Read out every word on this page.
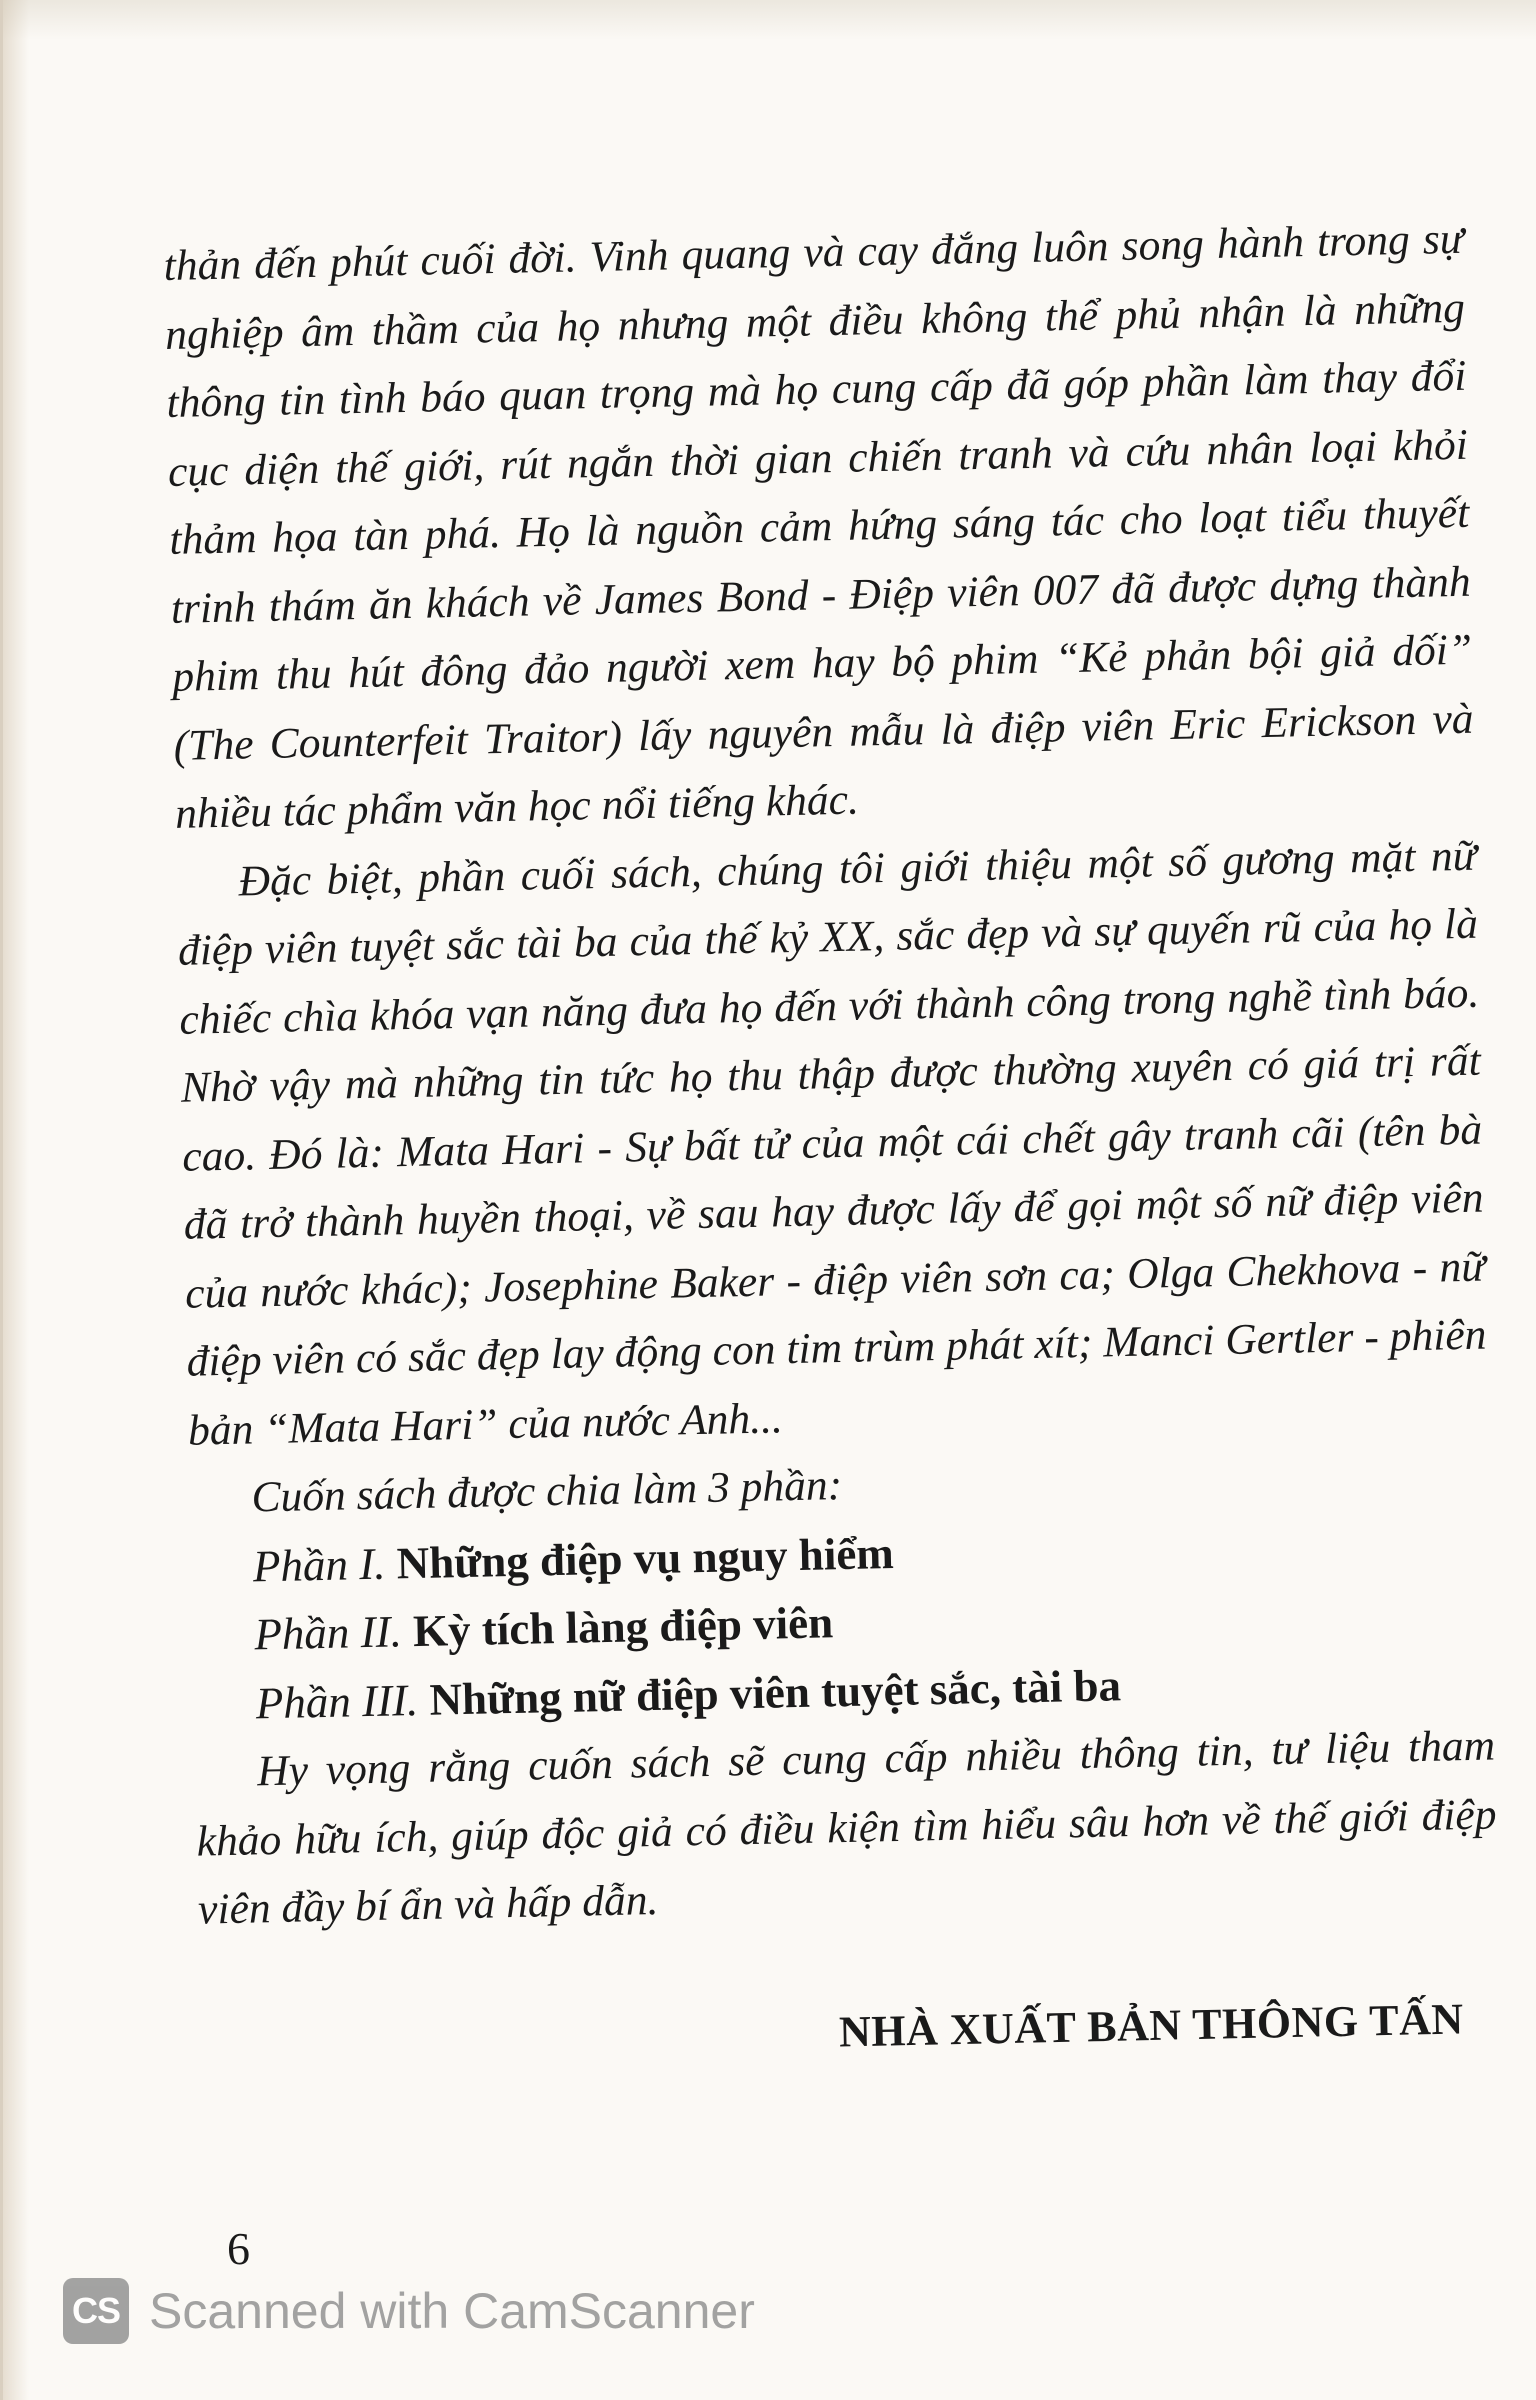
thản đến phút cuối đời. Vinh quang và cay đắng luôn song hành trong sự nghiệp âm thầm của họ nhưng một điều không thể phủ nhận là những thông tin tình báo quan trọng mà họ cung cấp đã góp phần làm thay đổi cục diện thế giới, rút ngắn thời gian chiến tranh và cứu nhân loại khỏi thảm họa tàn phá. Họ là nguồn cảm hứng sáng tác cho loạt tiểu thuyết trinh thám ăn khách về James Bond - Điệp viên 007 đã được dựng thành phim thu hút đông đảo người xem hay bộ phim “Kẻ phản bội giả dối” (The Counterfeit Traitor) lấy nguyên mẫu là điệp viên Eric Erickson và nhiều tác phẩm văn học nổi tiếng khác.

Đặc biệt, phần cuối sách, chúng tôi giới thiệu một số gương mặt nữ điệp viên tuyệt sắc tài ba của thế kỷ XX, sắc đẹp và sự quyến rũ của họ là chiếc chìa khóa vạn năng đưa họ đến với thành công trong nghề tình báo. Nhờ vậy mà những tin tức họ thu thập được thường xuyên có giá trị rất cao. Đó là: Mata Hari - Sự bất tử của một cái chết gây tranh cãi (tên bà đã trở thành huyền thoại, về sau hay được lấy để gọi một số nữ điệp viên của nước khác); Josephine Baker - điệp viên sơn ca; Olga Chekhova - nữ điệp viên có sắc đẹp lay động con tim trùm phát xít; Manci Gertler - phiên bản “Mata Hari” của nước Anh...

Cuốn sách được chia làm 3 phần:

Phần I. Những điệp vụ nguy hiểm

Phần II. Kỳ tích làng điệp viên

Phần III. Những nữ điệp viên tuyệt sắc, tài ba

Hy vọng rằng cuốn sách sẽ cung cấp nhiều thông tin, tư liệu tham khảo hữu ích, giúp độc giả có điều kiện tìm hiểu sâu hơn về thế giới điệp viên đầy bí ẩn và hấp dẫn.

NHÀ XUẤT BẢN THÔNG TẤN
6
CS Scanned with CamScanner
